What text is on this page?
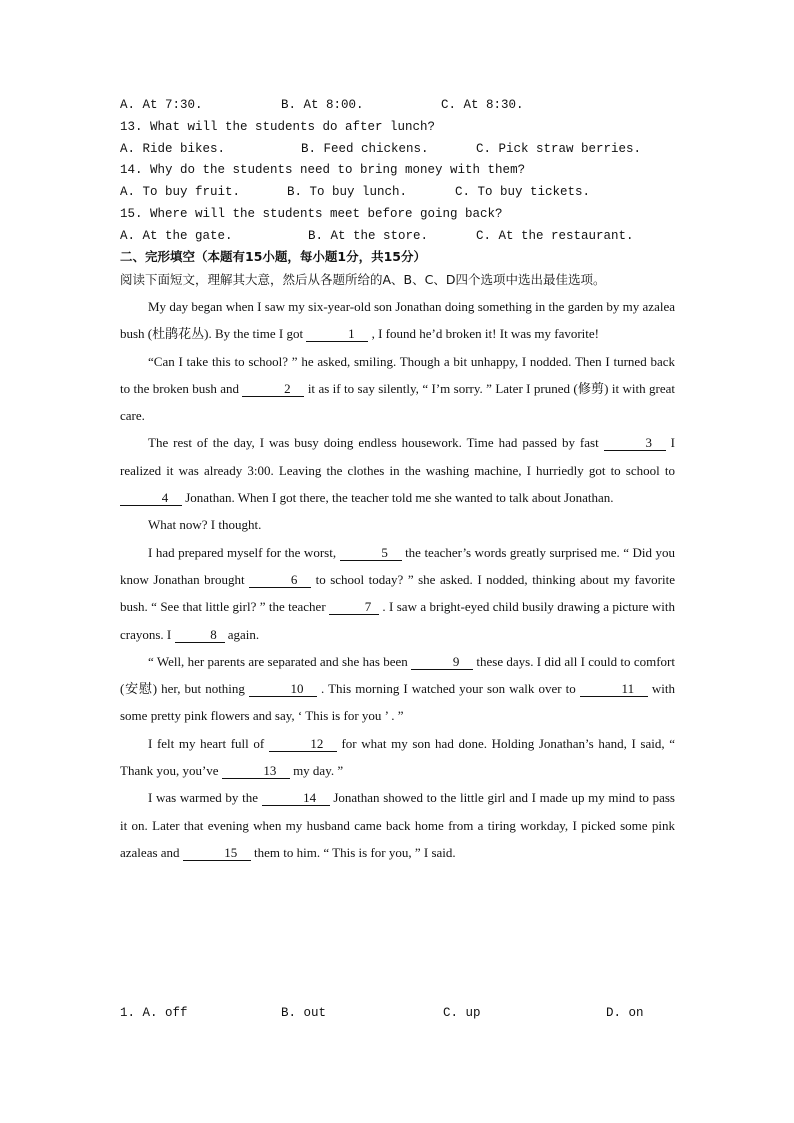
A. At 7:30.	B. At 8:00.	C. At 8:30.
13. What will the students do after lunch?
A. Ride bikes.	B. Feed chickens.	C. Pick straw berries.
14. Why do the students need to bring money with them?
A. To buy fruit.	B. To buy lunch.	C. To buy tickets.
15. Where will the students meet before going back?
A. At the gate.	B. At the store.	C. At the restaurant.
二、完形填空（本题有15小题，每小题1分，共15分）
阅读下面短文，理解其大意，然后从各题所给的A、B、C、D四个选项中选出最佳选项。

My day began when I saw my six-year-old son Jonathan doing something in the garden by my azalea bush (杜鹃花丛). By the time I got	1 , I found he’d broken it! It was my favorite!

“Can I take this to school? ” he asked, smiling. Though a bit unhappy, I nodded. Then I turned back to the broken bush and	2 it as if to say silently, “ I’m sorry. ” Later I pruned (修剪) it with great care.

The rest of the day, I was busy doing endless housework. Time had passed by fast	3 I realized it was already 3:00. Leaving the clothes in the washing machine, I hurriedly got to school to 4 Jonathan. When I got there, the teacher told me she wanted to talk about Jonathan.

What now? I thought.

I had prepared myself for the worst,	5 the teacher’s words greatly surprised me. “ Did you know Jonathan brought	6 to school today? ” she asked. I nodded, thinking about my favorite bush. “ See that little girl? ” the teacher	7 . I saw a bright-eyed child busily drawing a picture with crayons. I	8 again.

“ Well, her parents are separated and she has been	9 these days. I did all I could to comfort (安慰) her, but nothing	10 . This morning I watched your son walk over to	11 with some pretty pink flowers and say, ‘ This is for you ’ . ”

I felt my heart full of	12 for what my son had done. Holding Jonathan’s hand, I said, “ Thank you, you’ve	13 my day. ”

I was warmed by the	14 Jonathan showed to the little girl and I made up my mind to pass it on. Later that evening when my husband came back home from a tiring workday, I picked some pink azaleas and	15 them to him. “ This is for you, ” I said.

1. A. off	B. out	C. up	D. on
